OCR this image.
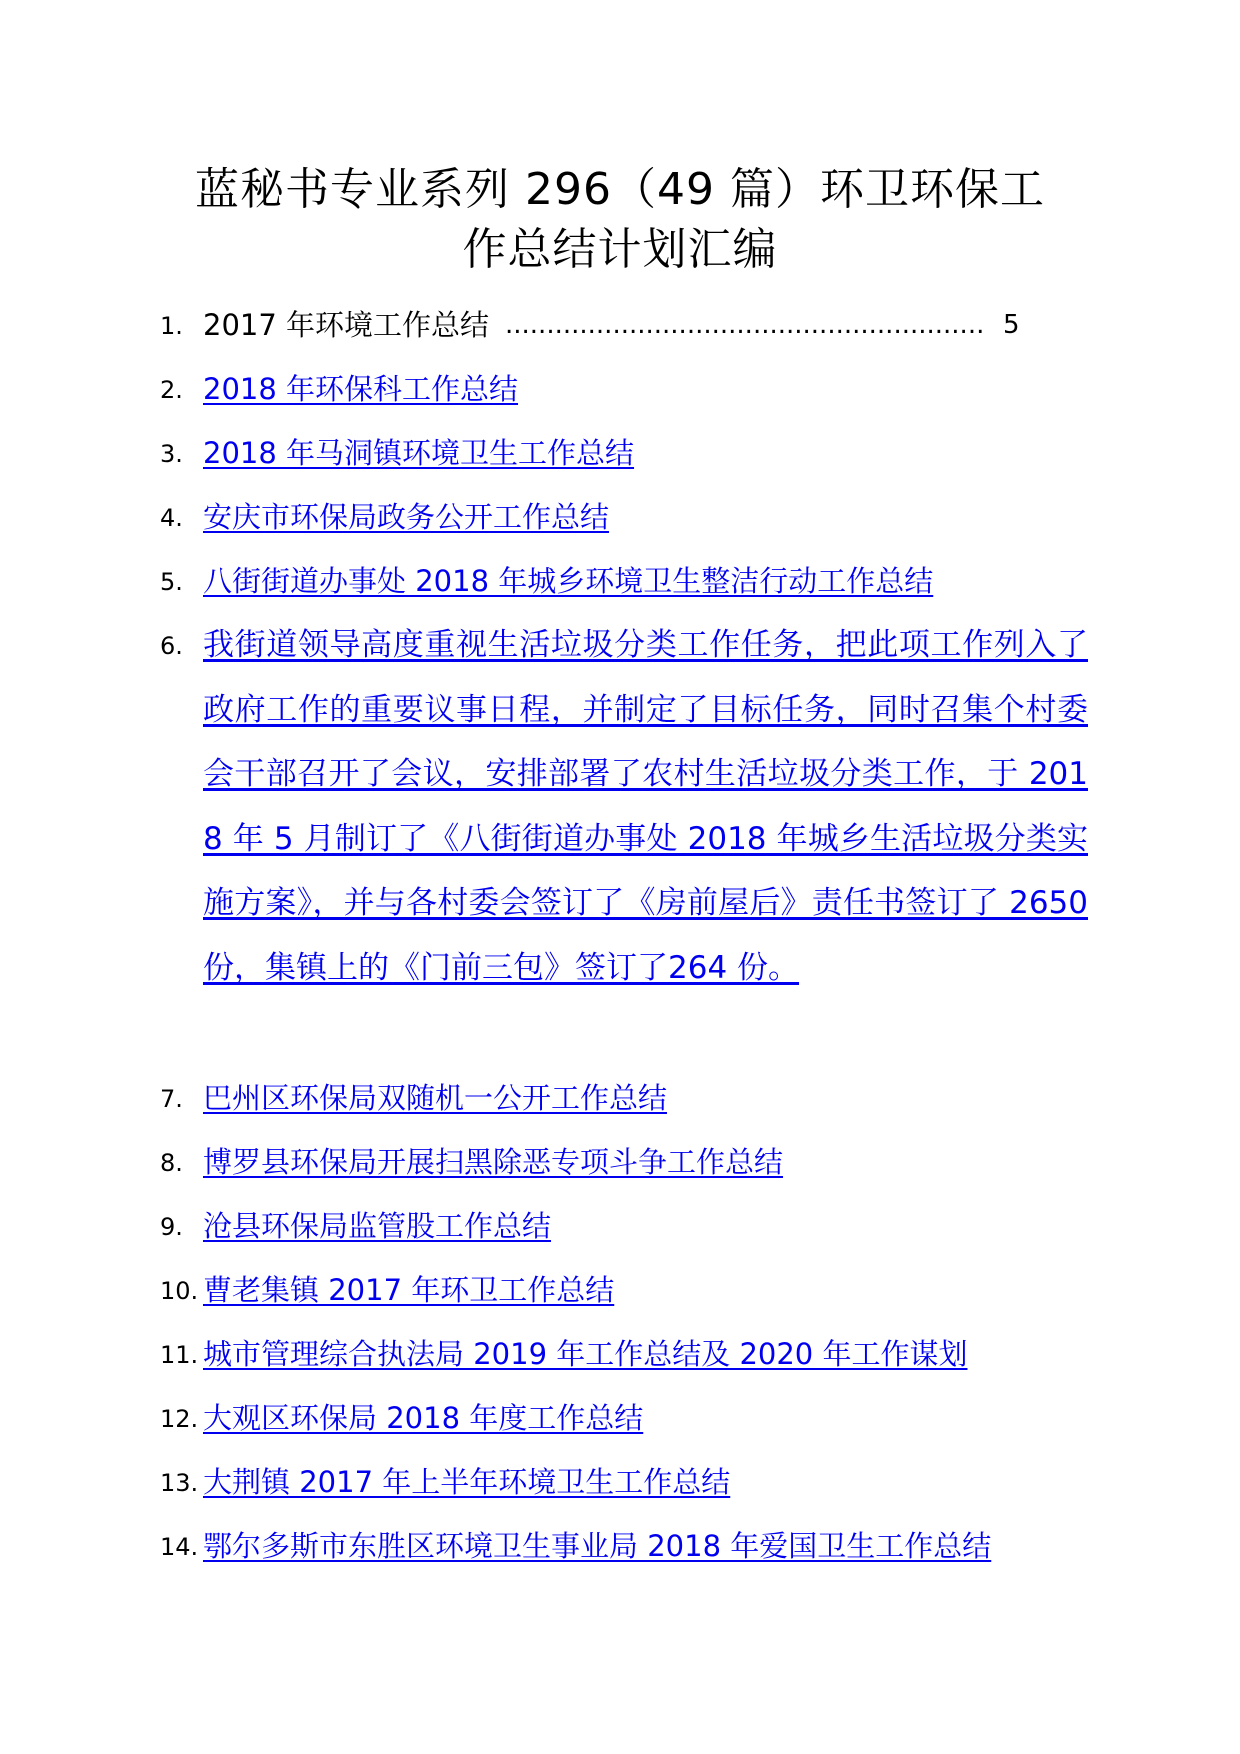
蓝秘书专业系列 296（49 篇）环卫环保工
作总结计划汇编
1. 2017 年环境工作总结 .......................................................... 5
2. 2018 年环保科工作总结
3. 2018 年马洞镇环境卫生工作总结
4. 安庆市环保局政务公开工作总结
5. 八街街道办事处 2018 年城乡环境卫生整洁行动工作总结
6. 我街道领导高度重视生活垃圾分类工作任务，把此项工作列入了政府工作的重要议事日程，并制定了目标任务，同时召集个村委会干部召开了会议，安排部署了农村生活垃圾分类工作，于 2018 年 5 月制订了《八街街道办事处 2018 年城乡生活垃圾分类实施方案》，并与各村委会签订了《房前屋后》责任书签订了 2650 份，集镇上的《门前三包》签订了264 份。
7. 巴州区环保局双随机一公开工作总结
8. 博罗县环保局开展扫黑除恶专项斗争工作总结
9. 沧县环保局监管股工作总结
10. 曹老集镇 2017 年环卫工作总结
11. 城市管理综合执法局 2019 年工作总结及 2020 年工作谋划
12. 大观区环保局 2018 年度工作总结
13. 大荆镇 2017 年上半年环境卫生工作总结
14. 鄂尔多斯市东胜区环境卫生事业局 2018 年爱国卫生工作总结
